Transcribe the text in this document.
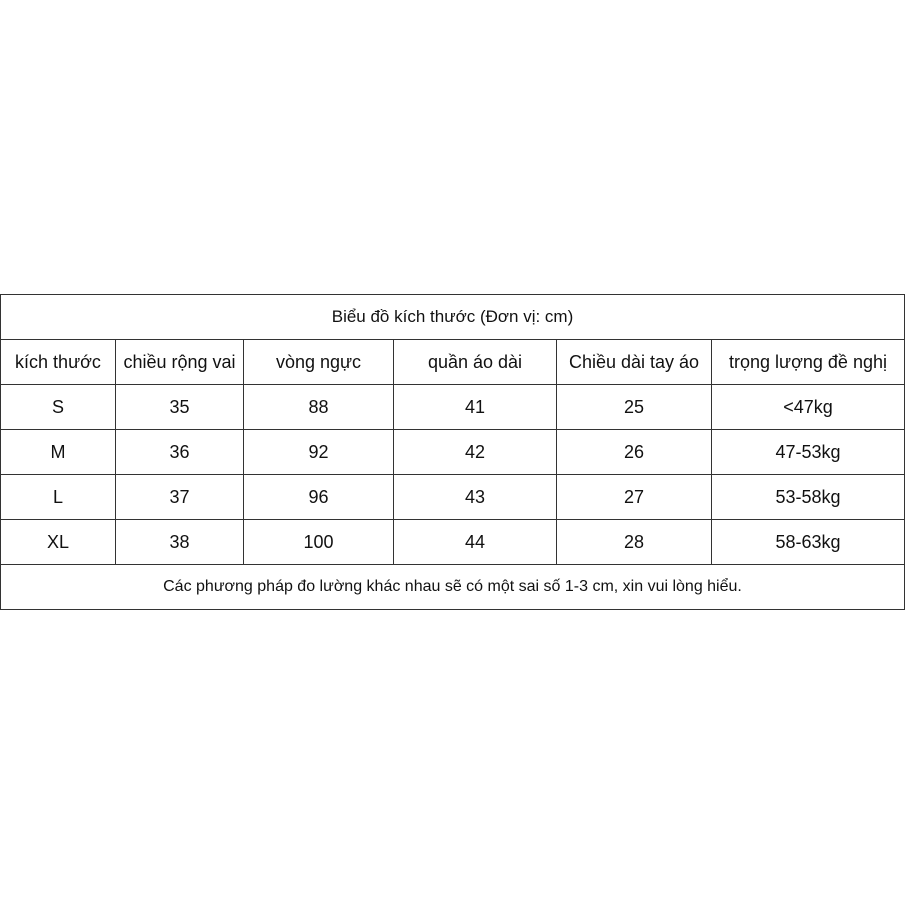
Biểu đồ kích thước (Đơn vị: cm)					
kích thước	chiều rộng vai	vòng ngực	quần áo dài	Chiều dài tay áo	trọng lượng đề nghị
S	35	88	41	25	<47kg
M	36	92	42	26	47-53kg
L	37	96	43	27	53-58kg
XL	38	100	44	28	58-63kg
Các phương pháp đo lường khác nhau sẽ có một sai số 1-3 cm, xin vui lòng hiểu.					
